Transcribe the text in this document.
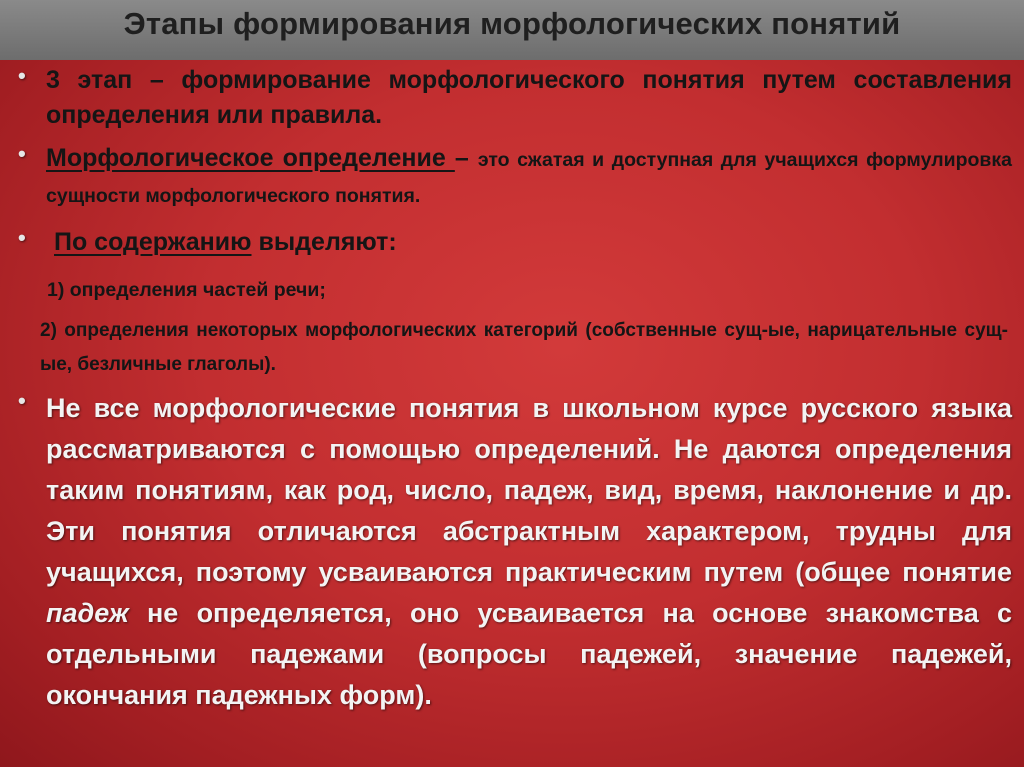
Этапы формирования морфологических понятий
• 3 этап – формирование морфологического понятия путем составления определения или правила.
• Морфологическое определение – это сжатая и доступная для учащихся формулировка сущности морфологического понятия.
• По содержанию выделяют:
1) определения частей речи;
2) определения некоторых морфологических категорий (собственные сущ-ые, нарицательные сущ-ые, безличные глаголы).
• Не все морфологические понятия в школьном курсе русского языка рассматриваются с помощью определений. Не даются определения таким понятиям, как род, число, падеж, вид, время, наклонение и др. Эти понятия отличаются абстрактным характером, трудны для учащихся, поэтому усваиваются практическим путем (общее понятие падеж не определяется, оно усваивается на основе знакомства с отдельными падежами (вопросы падежей, значение падежей, окончания падежных форм).
